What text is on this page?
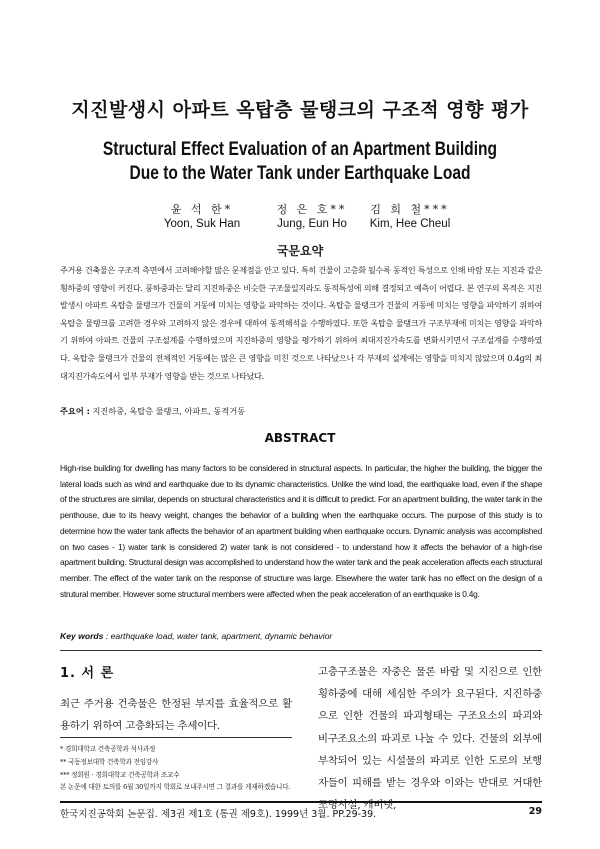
지진발생시 아파트 옥탑층 물탱크의 구조적 영향 평가
Structural Effect Evaluation of an Apartment Building
Due to the Water Tank under Earthquake Load
윤 석 한*
Yoon, Suk Han
정 은 호**
Jung, Eun Ho
김 희 철***
Kim, Hee Cheul
국문요약
주거용 건축물은 구조적 측면에서 고려해야할 많은 문제점을 안고 있다. 특히 건물이 고층화 될수록 동적인 특성으로 인해 바람 또는 지진과 같은 횡하중의 영향이 커진다. 풍하중과는 달리 지진하중은 비슷한 구조물일지라도 동적특성에 의해 결정되고 예측이 어렵다. 본 연구의 목적은 지진 발생시 아파트 옥탑층 물탱크가 건물의 거동에 미치는 영향을 파악하는 것이다. 옥탑층 물탱크가 건물의 거동에 미치는 영향을 파악하기 위하여 옥탑층 물탱크를 고려한 경우와 고려하지 않은 경우에 대하여 동적해석을 수행하였다. 또한 옥탑층 물탱크가 구조부재에 미치는 영향을 파악하기 위하여 아파트 건물의 구조설계를 수행하였으며 지진하중의 영향을 평가하기 위하여 최대지진가속도를 변화시키면서 구조설계를 수행하였다. 옥탑층 물탱크가 건물의 전체적인 거동에는 많은 큰 영향을 미친 것으로 나타났으나 각 부재의 설계에는 영향을 미치지 않았으며 0.4g의 최대지진가속도에서 일부 부재가 영향을 받는 것으로 나타났다.
주요어 : 지진하중, 옥탑층 물탱크, 아파트, 동적거동
ABSTRACT
High-rise building for dwelling has many factors to be considered in structural aspects. In particular, the higher the building, the bigger the lateral loads such as wind and earthquake due to its dynamic characteristics. Unlike the wind load, the earthquake load, even if the shape of the structures are similar, depends on structural characteristics and it is difficult to predict. For an apartment building, the water tank in the penthouse, due to its heavy weight, changes the behavior of a building when the earthquake occurs. The purpose of this study is to determine how the water tank affects the behavior of an apartment building when earthquake occurs. Dynamic analysis was accomplished on two cases - 1) water tank is considered 2) water tank is not considered - to understand how it affects the behavior of a high-rise apartment building. Structural design was accomplished to understand how the water tank and the peak acceleration affects each structural member. The effect of the water tank on the response of structure was large. Elsewhere the water tank has no effect on the design of a strutural member. However some structural members were affected when the peak acceleration of an earthquake is 0.4g.
Key words : earthquake load, water tank, apartment, dynamic behavior
1. 서 론
최근 주거용 건축물은 한정된 부지를 효율적으로 활용하기 위하여 고층화되는 추세이다.
* 경희대학교 건축공학과 석사과정
** 국동정보대학 건축학과 전임강사
*** 정회원 · 경희대학교 건축공학과 조교수
본 논문에 대한 토의를 6월 30일까지 학회로 보내주시면 그 결과를 게재하겠습니다.
고층구조물은 자중은 물론 바람 및 지진으로 인한 횡하중에 대해 세심한 주의가 요구된다. 지진하중으로 인한 건물의 파괴형태는 구조요소의 파괴와 비구조요소의 파괴로 나눌 수 있다. 건물의 외부에 부착되어 있는 시설물의 파괴로 인한 도로의 보행자들이 피해를 받는 경우와 이와는 반대로 거대한 조명시설, 캐비넷,
한국지진공학회 논문집. 제3권 제1호 (통권 제9호). 1999년 3월. PP.29-39.	29
